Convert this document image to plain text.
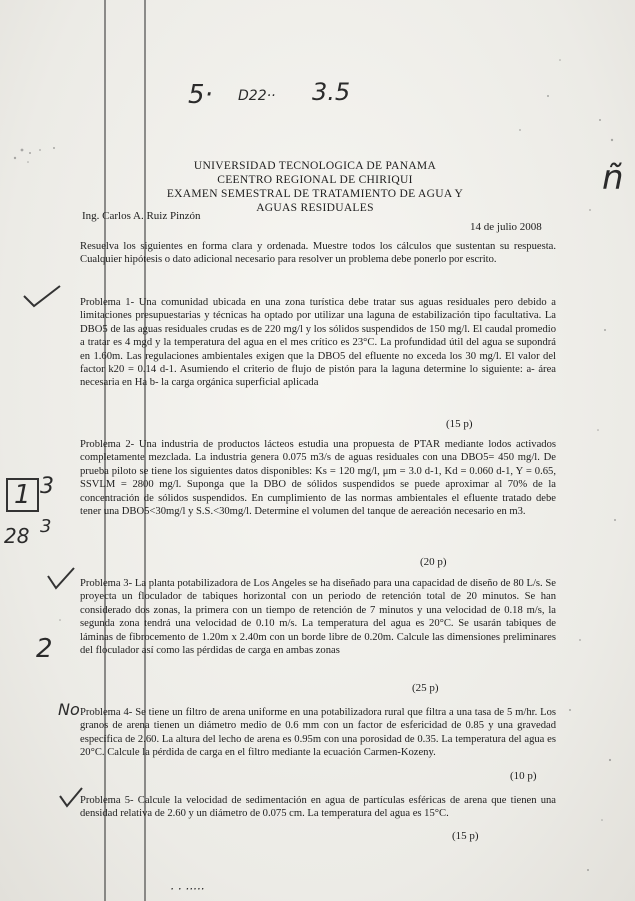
5· D22·· 3.5
ñ
1 3
28 3
2
No
UNIVERSIDAD TECNOLOGICA DE PANAMA
CEENTRO REGIONAL DE CHIRIQUI
EXAMEN SEMESTRAL DE TRATAMIENTO DE AGUA Y
AGUAS RESIDUALES
Ing. Carlos A. Ruiz Pinzón
14 de julio 2008
Resuelva los siguientes en forma clara y ordenada. Muestre todos los cálculos que sustentan su respuesta. Cualquier hipótesis o dato adicional necesario para resolver un problema debe ponerlo por escrito.
Problema 1- Una comunidad ubicada en una zona turística debe tratar sus aguas residuales pero debido a limitaciones presupuestarias y técnicas ha optado por utilizar una laguna de estabilización tipo facultativa. La DBO5 de las aguas residuales crudas es de 220 mg/l y los sólidos suspendidos de 150 mg/l. El caudal promedio a tratar es 4 mgd y la temperatura del agua en el mes crítico es 23°C. La profundidad útil del agua se supondrá en 1.60m. Las regulaciones ambientales exigen que la DBO5 del efluente no exceda los 30 mg/l. El valor del factor k20 = 0.14 d-1. Asumiendo el criterio de flujo de pistón para la laguna determine lo siguiente: a- área necesaria en Ha b- la carga orgánica superficial aplicada
(15 p)
Problema 2- Una industria de productos lácteos estudia una propuesta de PTAR mediante lodos activados completamente mezclada. La industria genera 0.075 m3/s de aguas residuales con una DBO5= 450 mg/l. De prueba piloto se tiene los siguientes datos disponibles: Ks = 120 mg/l, μm = 3.0 d-1, Kd = 0.060 d-1, Y = 0.65, SSVLM = 2800 mg/l. Suponga que la DBO de sólidos suspendidos se puede aproximar al 70% de la concentración de sólidos suspendidos. En cumplimiento de las normas ambientales el efluente tratado debe tener una DBO5<30mg/l y S.S.<30mg/l. Determine el volumen del tanque de aereación necesario en m3.
(20 p)
Problema 3- La planta potabilizadora de Los Angeles se ha diseñado para una capacidad de diseño de 80 L/s. Se proyecta un floculador de tabiques horizontal con un periodo de retención total de 20 minutos. Se han considerado dos zonas, la primera con un tiempo de retención de 7 minutos y una velocidad de 0.18 m/s, la segunda zona tendrá una velocidad de 0.10 m/s. La temperatura del agua es 20°C. Se usarán tabiques de láminas de fibrocemento de 1.20m x 2.40m con un borde libre de 0.20m. Calcule las dimensiones preliminares del floculador así como las pérdidas de carga en ambas zonas
(25 p)
Problema 4- Se tiene un filtro de arena uniforme en una potabilizadora rural que filtra a una tasa de 5 m/hr. Los granos de arena tienen un diámetro medio de 0.6 mm con un factor de esfericidad de 0.85 y una gravedad específica de 2.60. La altura del lecho de arena es 0.95m con una porosidad de 0.35. La temperatura del agua es 20°C. Calcule la pérdida de carga en el filtro mediante la ecuación Carmen-Kozeny.
(10 p)
Problema 5- Calcule la velocidad de sedimentación en agua de partículas esféricas de arena que tienen una densidad relativa de 2.60 y un diámetro de 0.075 cm. La temperatura del agua es 15°C.
(15 p)
· · ·····
